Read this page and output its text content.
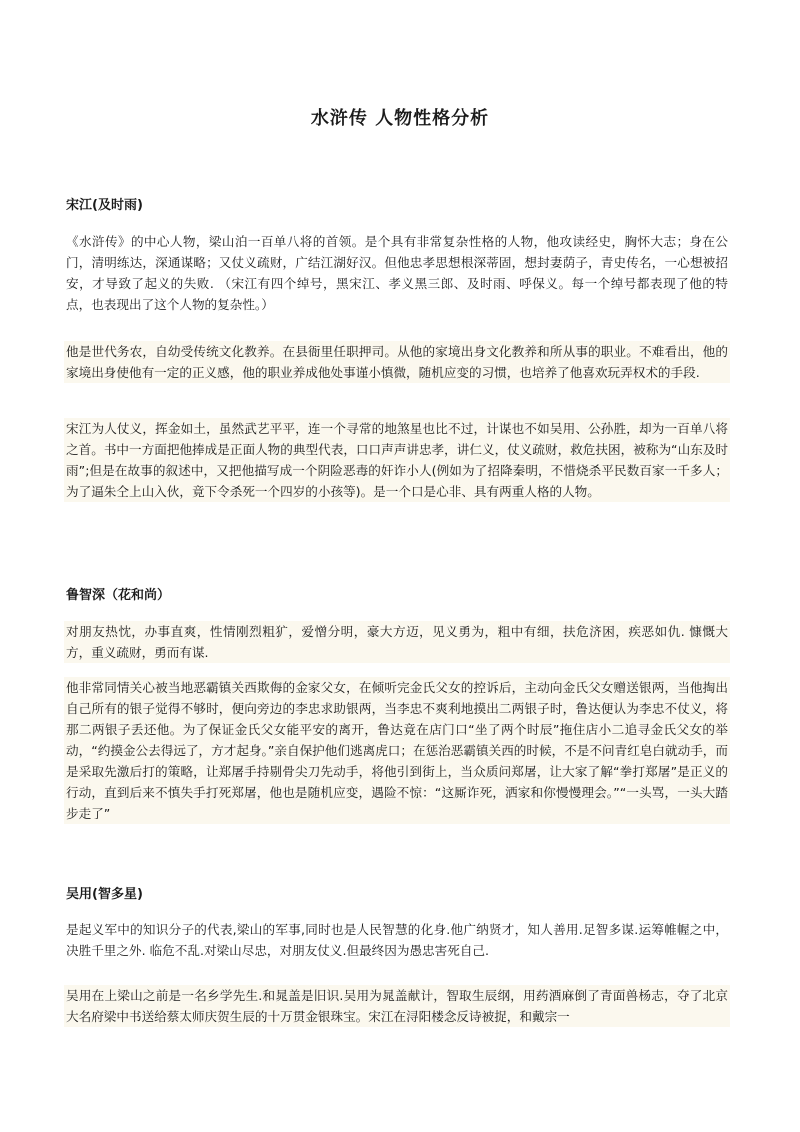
水浒传 人物性格分析
宋江(及时雨)

《水浒传》的中心人物，梁山泊一百单八将的首领。是个具有非常复杂性格的人物，他攻读经史，胸怀大志；身在公门，清明练达，深通谋略；又仗义疏财，广结江湖好汉。但他忠孝思想根深蒂固，想封妻荫子，青史传名，一心想被招安，才导致了起义的失败. （宋江有四个绰号，黑宋江、孝义黑三郎、及时雨、呼保义。每一个绰号都表现了他的特点，也表现出了这个人物的复杂性。）

他是世代务农，自幼受传统文化教养。在县衙里任职押司。从他的家境出身文化教养和所从事的职业。不难看出，他的家境出身使他有一定的正义感，他的职业养成他处事谨小慎微，随机应变的习惯，也培养了他喜欢玩弄权术的手段.

宋江为人仗义，挥金如土，虽然武艺平平，连一个寻常的地煞星也比不过，计谋也不如吴用、公孙胜，却为一百单八将之首。书中一方面把他捧成是正面人物的典型代表，口口声声讲忠孝，讲仁义，仗义疏财，救危扶困，被称为“山东及时雨”;但是在故事的叙述中，又把他描写成一个阴险恶毒的奸诈小人(例如为了招降秦明，不惜烧杀平民数百家一千多人；为了逼朱仝上山入伙，竟下令杀死一个四岁的小孩等)。是一个口是心非、具有两重人格的人物。

鲁智深（花和尚）

对朋友热忱，办事直爽，性情刚烈粗犷，爱憎分明，豪大方迈，见义勇为，粗中有细，扶危济困，疾恶如仇. 慷慨大方，重义疏财，勇而有谋.

他非常同情关心被当地恶霸镇关西欺侮的金家父女，在倾听完金氏父女的控诉后，主动向金氏父女赠送银两，当他掏出自己所有的银子觉得不够时，便向旁边的李忠求助银两，当李忠不爽利地摸出二两银子时，鲁达便认为李忠不仗义，将那二两银子丢还他。为了保证金氏父女能平安的离开，鲁达竟在店门口“坐了两个时辰”拖住店小二追寻金氏父女的举动，“约摸金公去得远了，方才起身。”亲自保护他们逃离虎口；在惩治恶霸镇关西的时候，不是不问青红皂白就动手，而是采取先激后打的策略，让郑屠手持剔骨尖刀先动手，将他引到街上，当众质问郑屠，让大家了解“拳打郑屠”是正义的行动，直到后来不慎失手打死郑屠，他也是随机应变，遇险不惊：“这厮诈死，洒家和你慢慢理会。”“一头骂，一头大踏步走了”

吴用(智多星)

是起义军中的知识分子的代表,梁山的军事,同时也是人民智慧的化身.他广纳贤才，知人善用.足智多谋.运筹帷幄之中，决胜千里之外. 临危不乱.对梁山尽忠，对朋友仗义.但最终因为愚忠害死自己.

吴用在上梁山之前是一名乡学先生.和晁盖是旧识.吴用为晁盖献计，智取生辰纲，用药酒麻倒了青面兽杨志，夺了北京大名府梁中书送给蔡太师庆贺生辰的十万贯金银珠宝。宋江在浔阳楼念反诗被捉，和戴宗一
